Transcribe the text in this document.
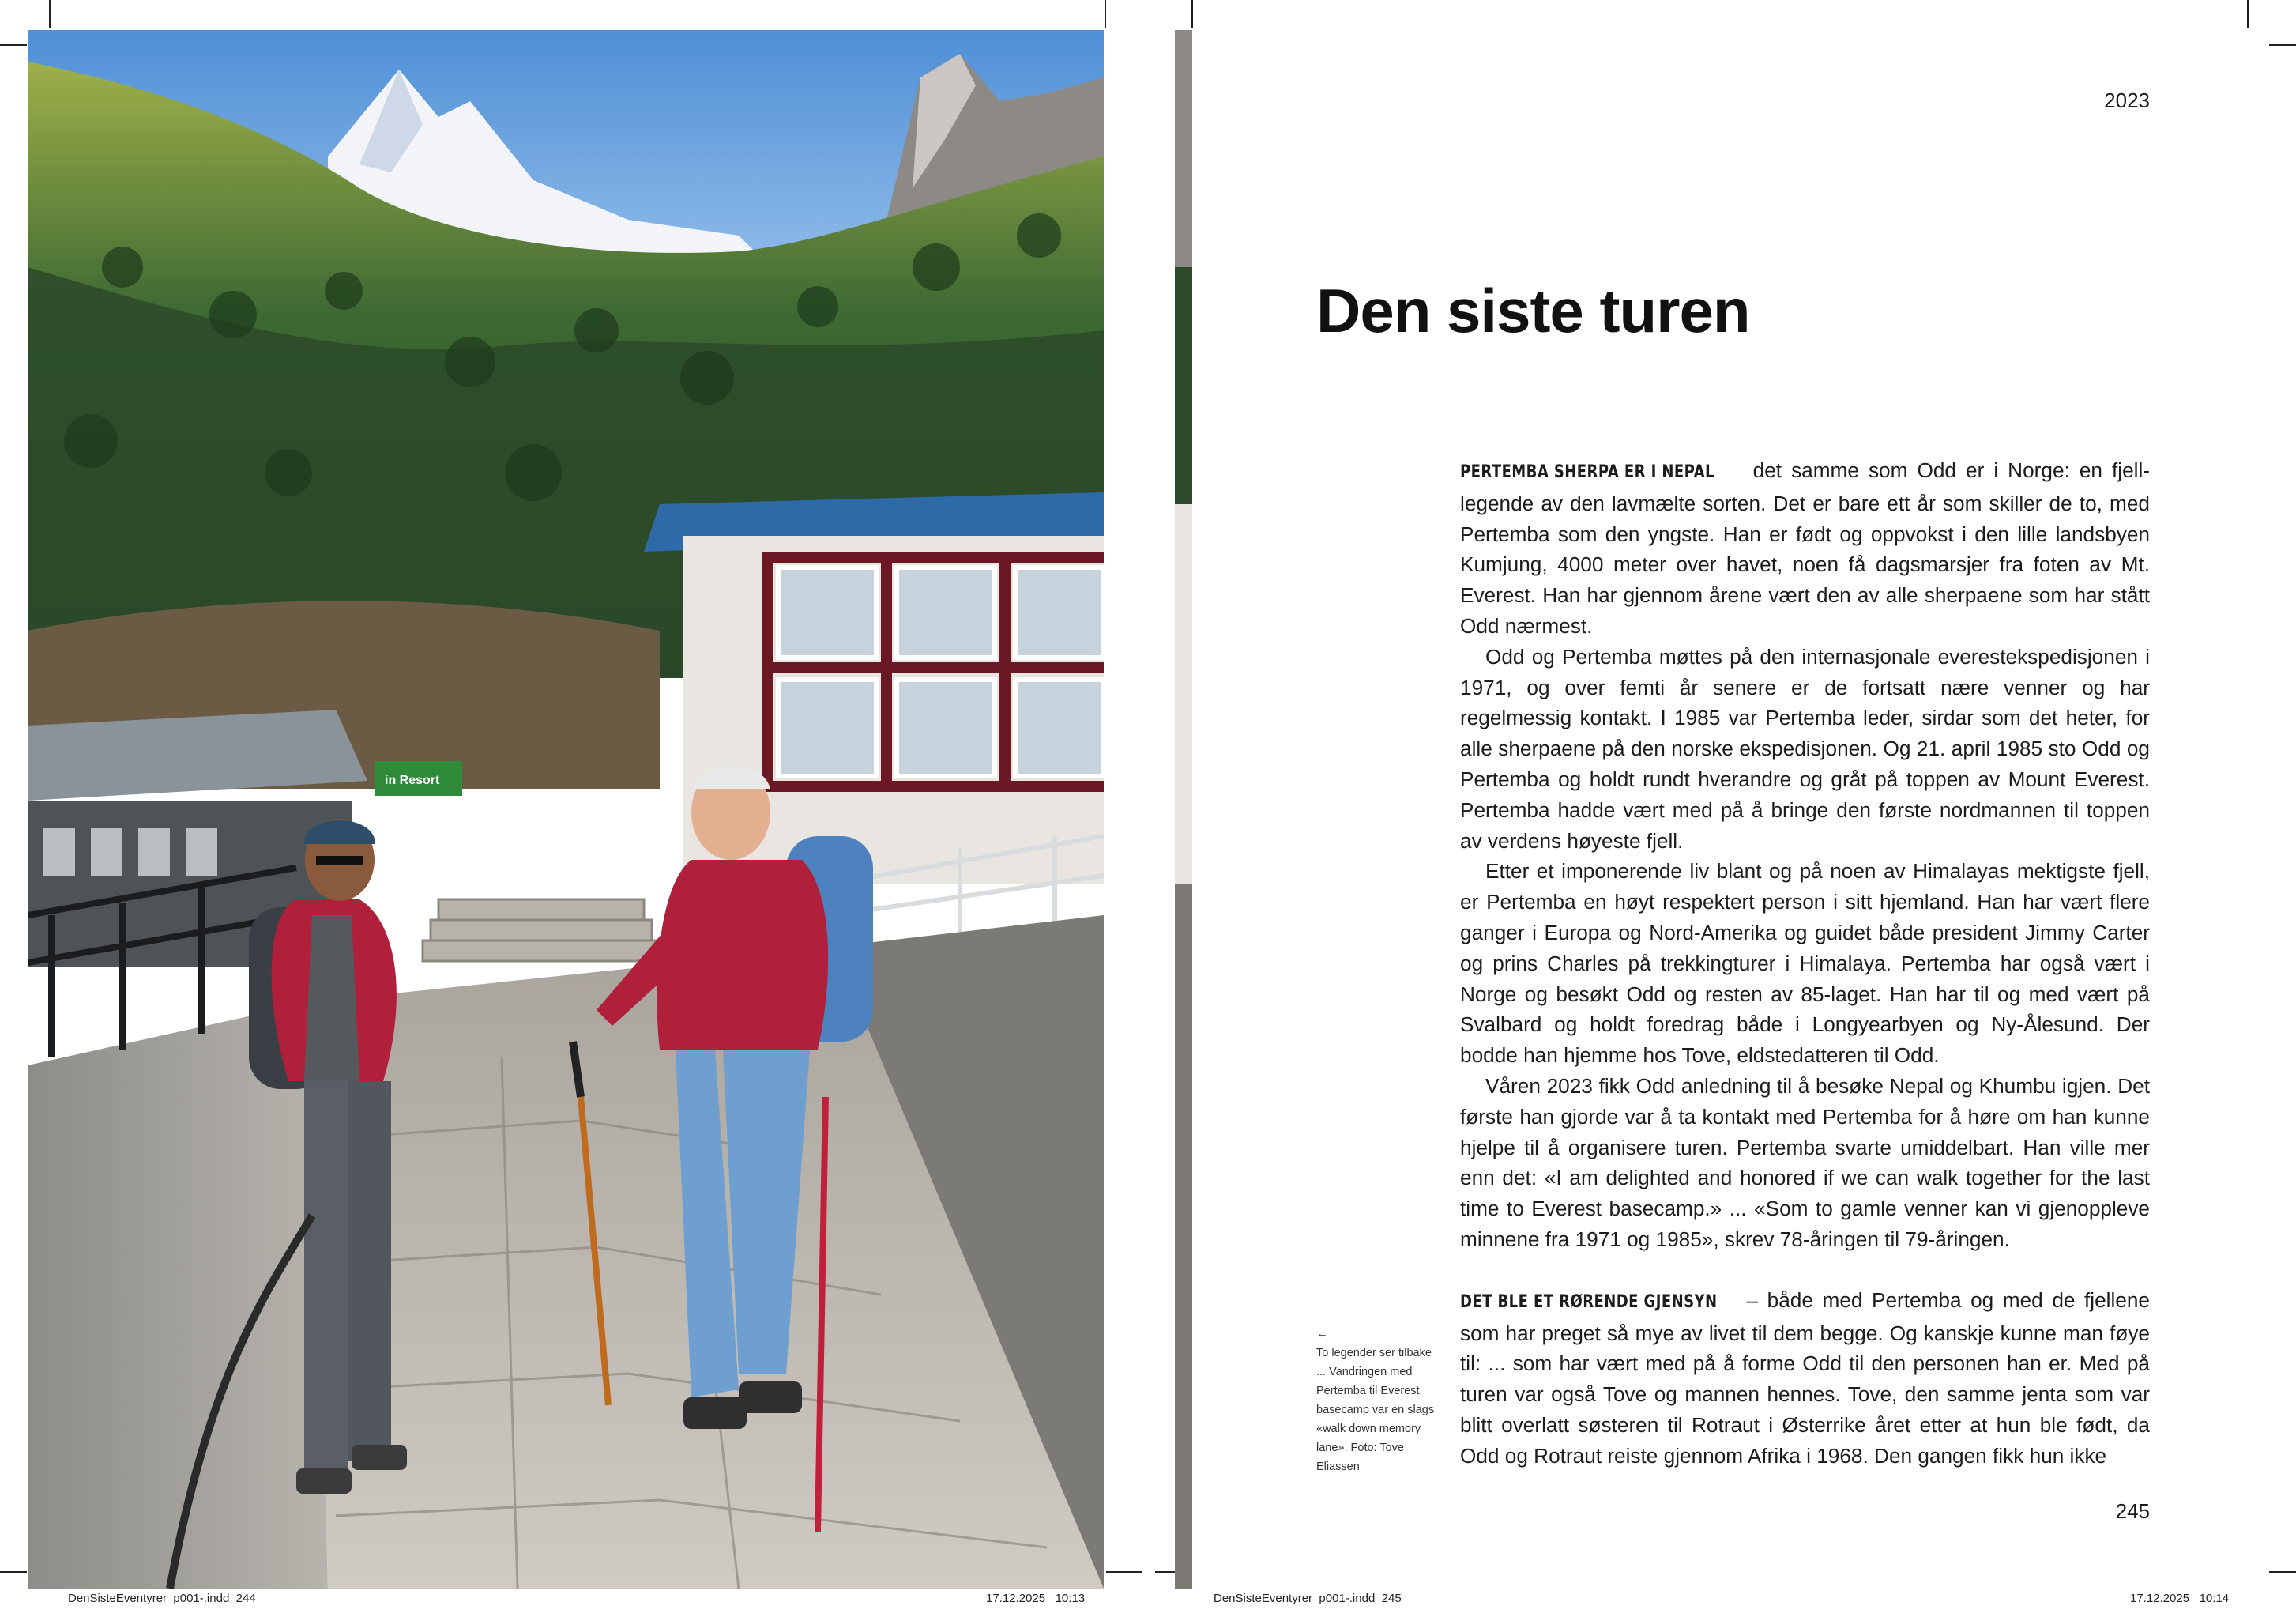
in Resort
DenSisteEventyrer_p001-.indd 244	17.12.2025 10:13
2023
Den siste turen

PERTEMBA SHERPA ER I NEPAL det samme som Odd er i Norge: en fjell-legende av den lavmælte sorten. Det er bare ett år som skiller de to, med Pertemba som den yngste. Han er født og oppvokst i den lille landsbyen Kumjung, 4000 meter over havet, noen få dagsmarsjer fra foten av Mt. Everest. Han har gjennom årene vært den av alle sherpaene som har stått Odd nærmest.

Odd og Pertemba møttes på den internasjonale everestekspedisjonen i 1971, og over femti år senere er de fortsatt nære venner og har regelmessig kontakt. I 1985 var Pertemba leder, sirdar som det heter, for alle sherpaene på den norske ekspedisjonen. Og 21. april 1985 sto Odd og Pertemba og holdt rundt hverandre og gråt på toppen av Mount Everest. Pertemba hadde vært med på å bringe den første nordmannen til toppen av verdens høyeste fjell.

Etter et imponerende liv blant og på noen av Himalayas mektigste fjell, er Pertemba en høyt respektert person i sitt hjemland. Han har vært flere ganger i Europa og Nord-Amerika og guidet både president Jimmy Carter og prins Charles på trekkingturer i Himalaya. Pertemba har også vært i Norge og besøkt Odd og resten av 85-laget. Han har til og med vært på Svalbard og holdt foredrag både i Longyearbyen og Ny-Ålesund. Der bodde han hjemme hos Tove, eldstedatteren til Odd.

Våren 2023 fikk Odd anledning til å besøke Nepal og Khumbu igjen. Det første han gjorde var å ta kontakt med Pertemba for å høre om han kunne hjelpe til å organisere turen. Pertemba svarte umiddelbart. Han ville mer enn det: «I am delighted and honored if we can walk together for the last time to Everest basecamp.» ... «Som to gamle venner kan vi gjenoppleve minnene fra 1971 og 1985», skrev 78-åringen til 79-åringen.

DET BLE ET RØRENDE GJENSYN – både med Pertemba og med de fjellene som har preget så mye av livet til dem begge. Og kanskje kunne man føye til: ... som har vært med på å forme Odd til den personen han er. Med på turen var også Tove og mannen hennes. Tove, den samme jenta som var blitt overlatt søsteren til Rotraut i Østerrike året etter at hun ble født, da Odd og Rotraut reiste gjennom Afrika i 1968. Den gangen fikk hun ikke

←
To legender ser tilbake ... Vandringen med Pertemba til Everest basecamp var en slags «walk down memory lane». Foto: Tove Eliassen
245
DenSisteEventyrer_p001-.indd 245	17.12.2025 10:14
